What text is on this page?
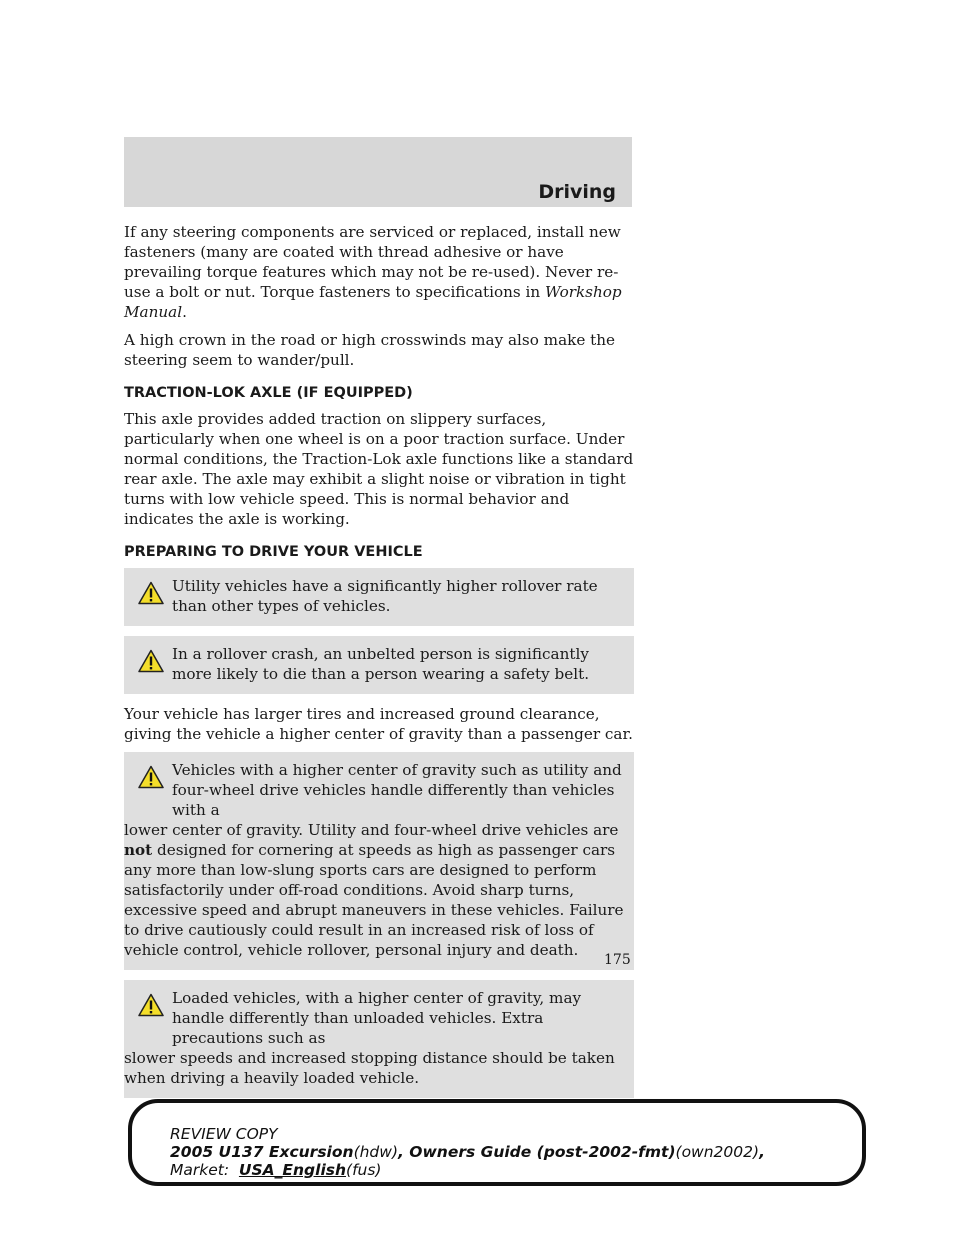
Driving

If any steering components are serviced or replaced, install new fasteners (many are coated with thread adhesive or have prevailing torque features which may not be re-used). Never re-use a bolt or nut. Torque fasteners to specifications in Workshop Manual.

A high crown in the road or high crosswinds may also make the steering seem to wander/pull.

TRACTION-LOK AXLE (IF EQUIPPED)

This axle provides added traction on slippery surfaces, particularly when one wheel is on a poor traction surface. Under normal conditions, the Traction-Lok axle functions like a standard rear axle. The axle may exhibit a slight noise or vibration in tight turns with low vehicle speed. This is normal behavior and indicates the axle is working.

PREPARING TO DRIVE YOUR VEHICLE

Utility vehicles have a significantly higher rollover rate than other types of vehicles.

In a rollover crash, an unbelted person is significantly more likely to die than a person wearing a safety belt.

Your vehicle has larger tires and increased ground clearance, giving the vehicle a higher center of gravity than a passenger car.

Vehicles with a higher center of gravity such as utility and four-wheel drive vehicles handle differently than vehicles with a
lower center of gravity. Utility and four-wheel drive vehicles are not designed for cornering at speeds as high as passenger cars any more than low-slung sports cars are designed to perform satisfactorily under off-road conditions. Avoid sharp turns, excessive speed and abrupt maneuvers in these vehicles. Failure to drive cautiously could result in an increased risk of loss of vehicle control, vehicle rollover, personal injury and death.

Loaded vehicles, with a higher center of gravity, may handle differently than unloaded vehicles. Extra precautions such as
slower speeds and increased stopping distance should be taken when driving a heavily loaded vehicle.

175
REVIEW COPY
2005 U137 Excursion(hdw), Owners Guide (post-2002-fmt)(own2002),
Market: USA_English(fus)
